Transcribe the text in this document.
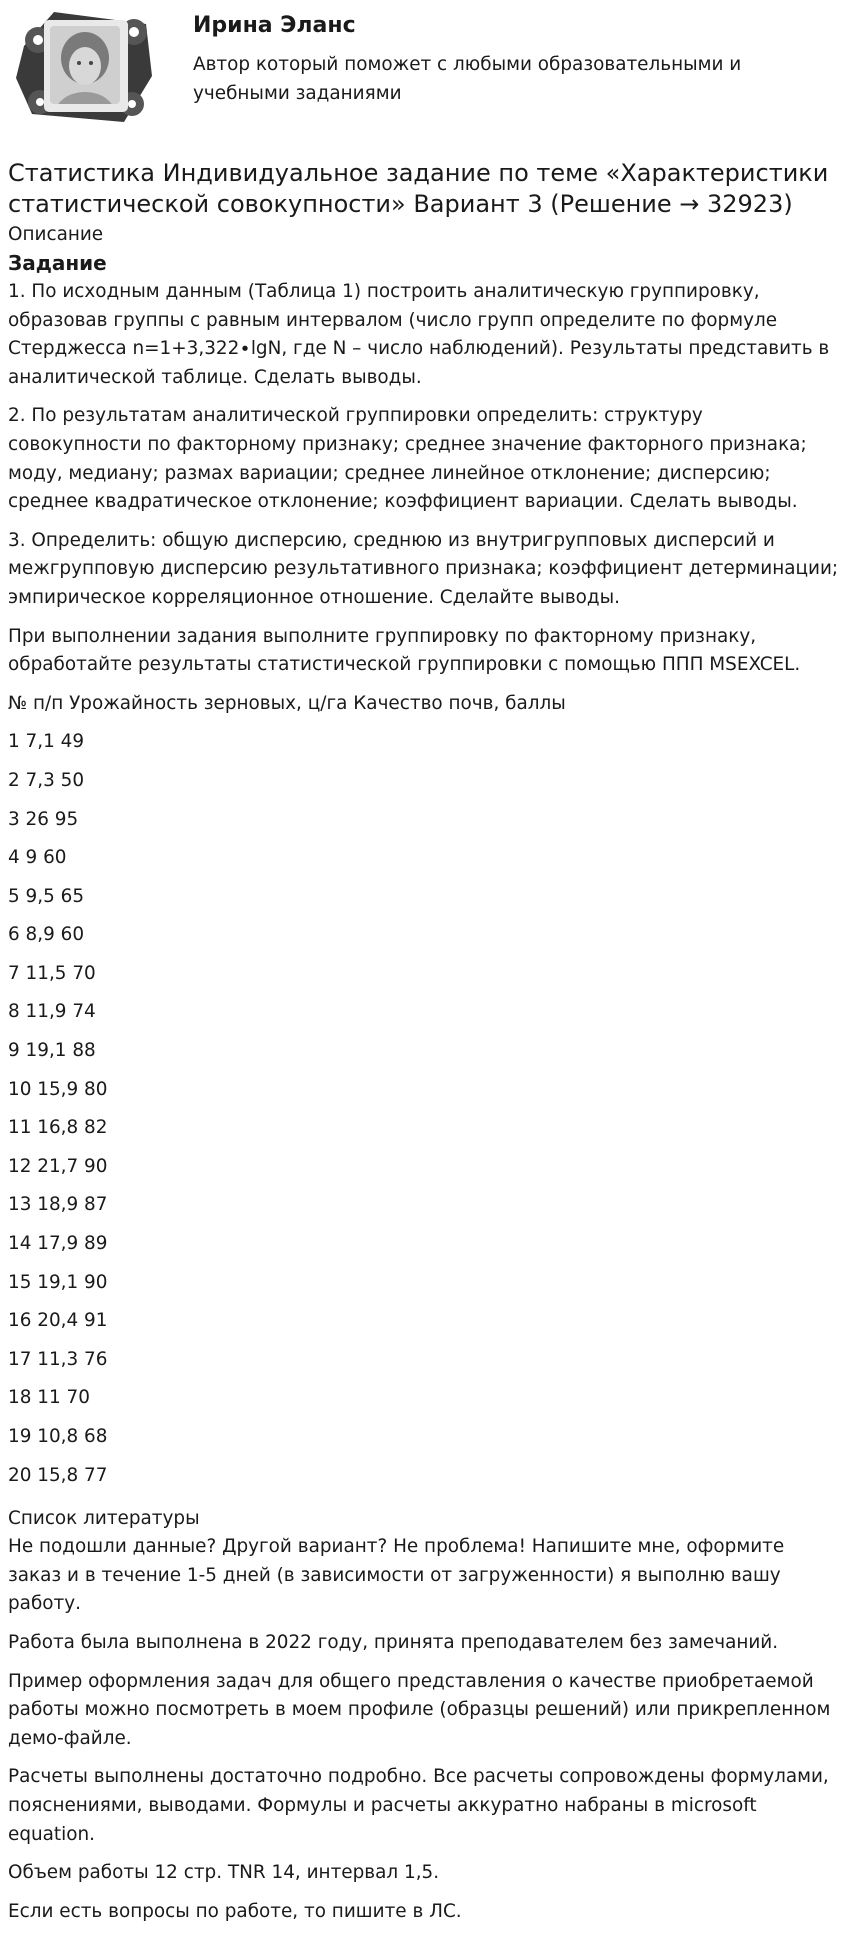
Ирина Эланс
Автор который поможет с любыми образовательными и учебными заданиями
Статистика Индивидуальное задание по теме «Характеристики статистической совокупности» Вариант 3 (Решение → 32923)

Описание

Задание

1. По исходным данным (Таблица 1) построить аналитическую группировку, образовав группы с равным интервалом (число групп определите по формуле Стерджесса n=1+3,322∙lgN, где N – число наблюдений). Результаты представить в аналитической таблице. Сделать выводы.

2. По результатам аналитической группировки определить: структуру совокупности по факторному признаку; среднее значение факторного признака; моду, медиану; размах вариации; среднее линейное отклонение; дисперсию; среднее квадратическое отклонение; коэффициент вариации. Сделать выводы.

3. Определить: общую дисперсию, среднюю из внутригрупповых дисперсий и межгрупповую дисперсию результативного признака; коэффициент детерминации; эмпирическое корреляционное отношение. Сделайте выводы.

При выполнении задания выполните группировку по факторному признаку, обработайте результаты статистической группировки с помощью ППП MSEXCEL.

№ п/п Урожайность зерновых, ц/га Качество почв, баллы

1 7,1 49

2 7,3 50

3 26 95

4 9 60

5 9,5 65

6 8,9 60

7 11,5 70

8 11,9 74

9 19,1 88

10 15,9 80

11 16,8 82

12 21,7 90

13 18,9 87

14 17,9 89

15 19,1 90

16 20,4 91

17 11,3 76

18 11 70

19 10,8 68

20 15,8 77

Список литературы

Не подошли данные? Другой вариант? Не проблема! Напишите мне, оформите заказ и в течение 1-5 дней (в зависимости от загруженности) я выполню вашу работу.

Работа была выполнена в 2022 году, принята преподавателем без замечаний.

Пример оформления задач для общего представления о качестве приобретаемой работы можно посмотреть в моем профиле (образцы решений) или прикрепленном демо-файле.

Расчеты выполнены достаточно подробно. Все расчеты сопровождены формулами, пояснениями, выводами. Формулы и расчеты аккуратно набраны в microsoft equation.

Объем работы 12 стр. TNR 14, интервал 1,5.

Если есть вопросы по работе, то пишите в ЛС.
